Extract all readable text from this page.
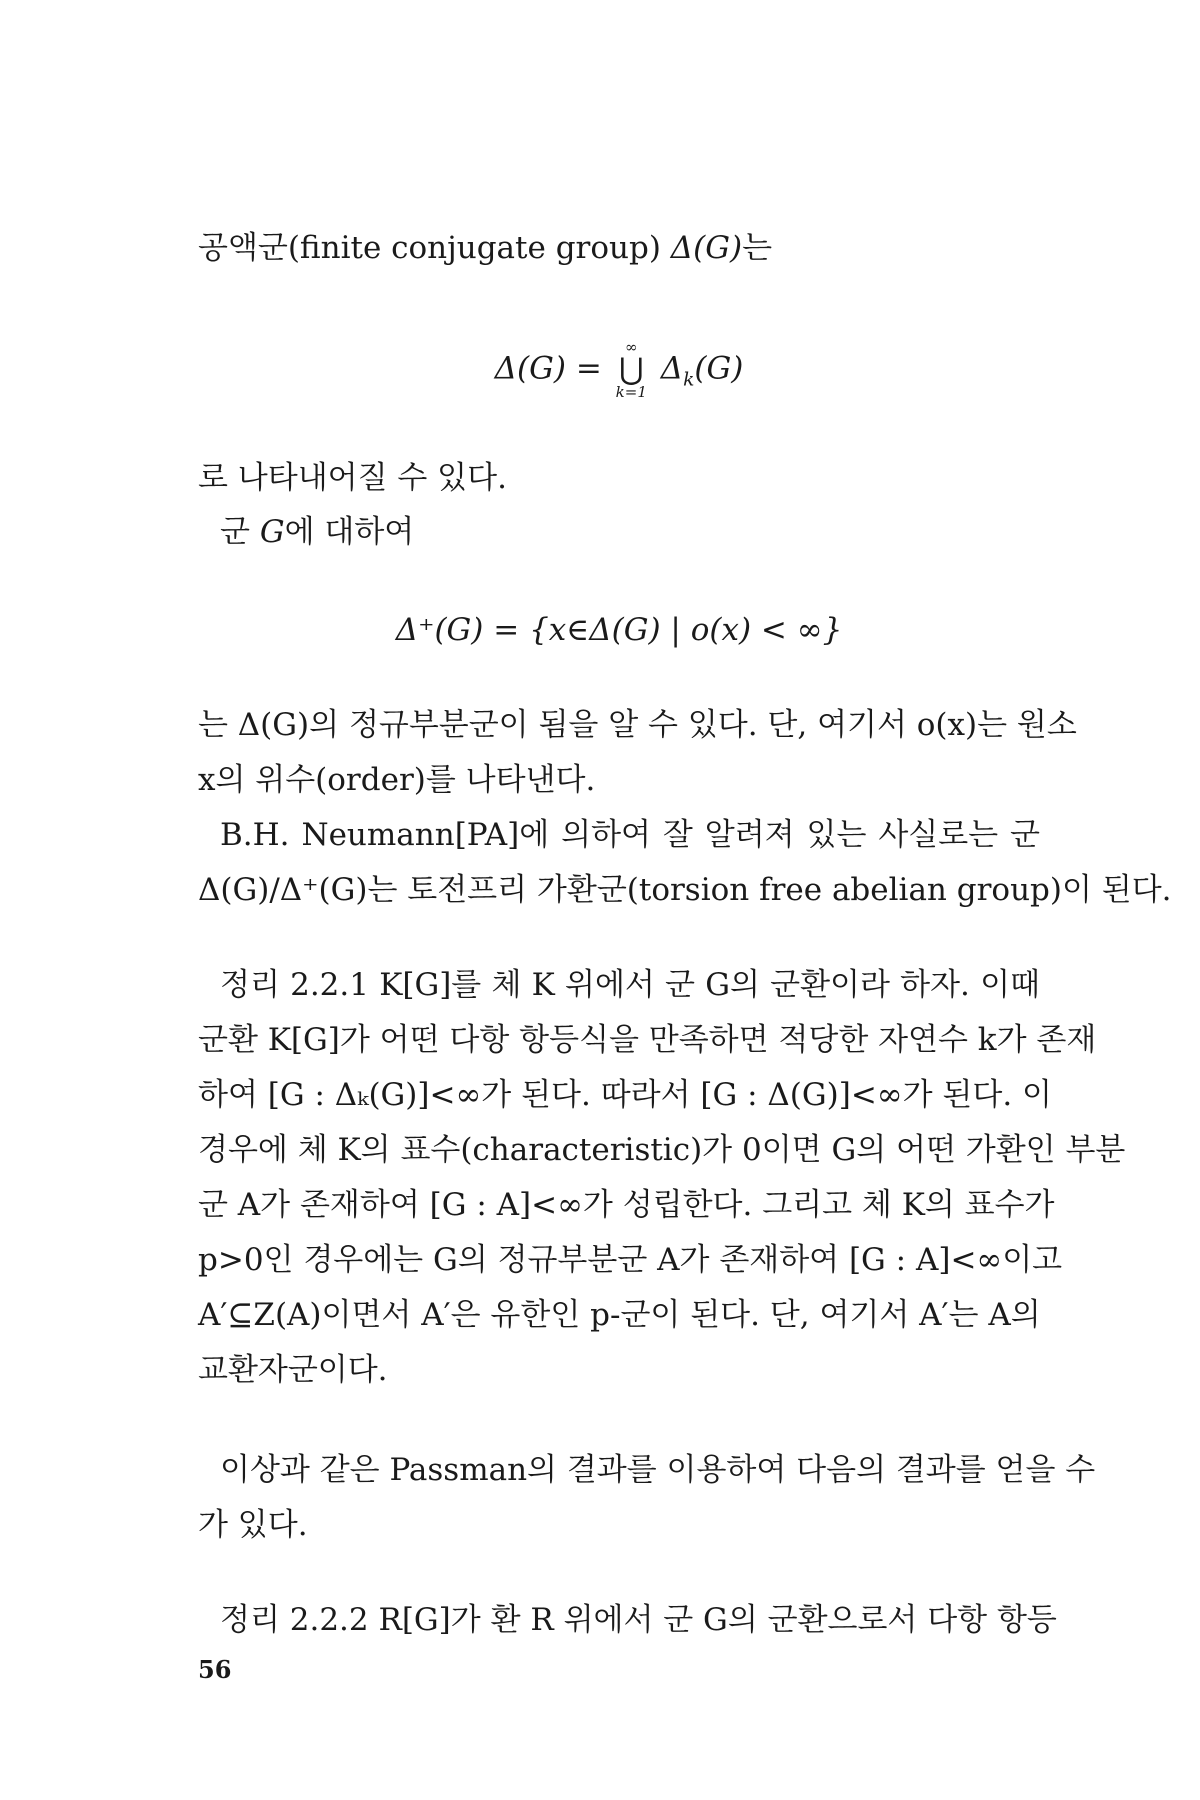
공액군(finite conjugate group) Δ(G)는
Δ(G) =
∞
⋃
k=1
$\Delta_k(G)$
로 나타내어질 수 있다.
군 G에 대하여
Δ⁺(G) = {x∈Δ(G) | o(x) < ∞}
는 Δ(G)의 정규부분군이 됨을 알 수 있다. 단, 여기서 o(x)는 원소
x의 위수(order)를 나타낸다.
B.H. Neumann[PA]에 의하여 잘 알려져 있는 사실로는 군
Δ(G)/Δ⁺(G)는 토전프리 가환군(torsion free abelian group)이 된다.
정리 2.2.1 K[G]를 체 K 위에서 군 G의 군환이라 하자. 이때
군환 K[G]가 어떤 다항 항등식을 만족하면 적당한 자연수 k가 존재
하여 [G : Δₖ(G)]<∞가 된다. 따라서 [G : Δ(G)]<∞가 된다. 이
경우에 체 K의 표수(characteristic)가 0이면 G의 어떤 가환인 부분
군 A가 존재하여 [G : A]<∞가 성립한다. 그리고 체 K의 표수가
p>0인 경우에는 G의 정규부분군 A가 존재하여 [G : A]<∞이고
A′⊆Z(A)이면서 A′은 유한인 p-군이 된다. 단, 여기서 A′는 A의
교환자군이다.
이상과 같은 Passman의 결과를 이용하여 다음의 결과를 얻을 수
가 있다.
정리 2.2.2 R[G]가 환 R 위에서 군 G의 군환으로서 다항 항등
56
